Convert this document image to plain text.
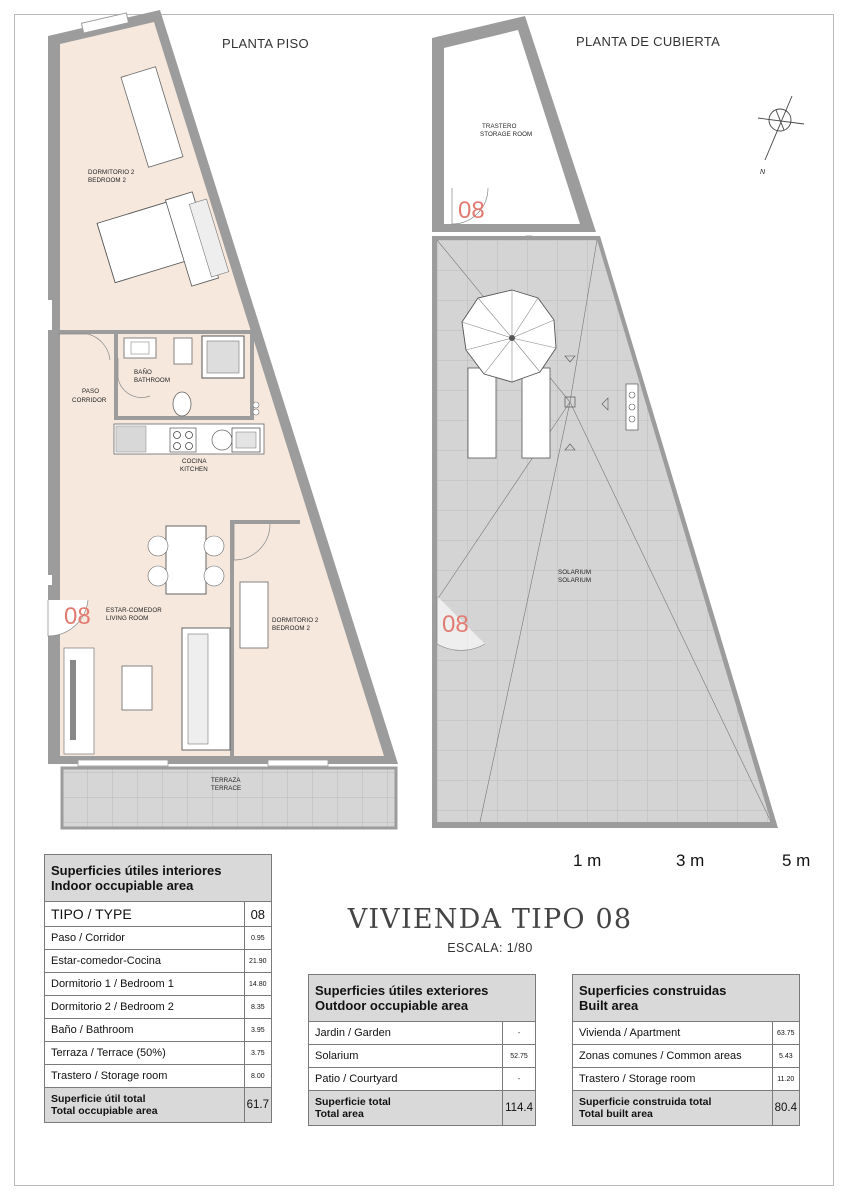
DORMITORIO 2
BEDROOM 2
BAÑO
BATHROOM
PASO
CORRIDOR
COCINA
KITCHEN
ESTAR-COMEDOR
LIVING ROOM	DORMITORIO 2
BEDROOM 2
TERRAZA
TERRACE
08
PLANTA PISO
TRASTERO
STORAGE ROOM
SOLARIUM
SOLARIUM
08
08
PLANTA DE CUBIERTA
N
1 m	3 m	5 m
VIVIENDA TIPO 08
ESCALA: 1/80
Superficies útiles interiores
Indoor occupiable area	
TIPO / TYPE	08
Paso / Corridor	0.95
Estar-comedor-Cocina	21.90
Dormitorio 1 / Bedroom 1	14.80
Dormitorio 2 / Bedroom 2	8.35
Baño / Bathroom	3.95
Terraza / Terrace (50%)	3.75
Trastero / Storage room	8.00
Superficie útil total
Total occupiable area	61.7
Superficies útiles exteriores
Outdoor occupiable area	
Jardin / Garden	-
Solarium	52.75
Patio / Courtyard	-
Superficie total
Total area	114.4
Superficies construidas
Built area	
Vivienda / Apartment	63.75
Zonas comunes / Common areas	5.43
Trastero / Storage room	11.20
Superficie construida total
Total built area	80.4
